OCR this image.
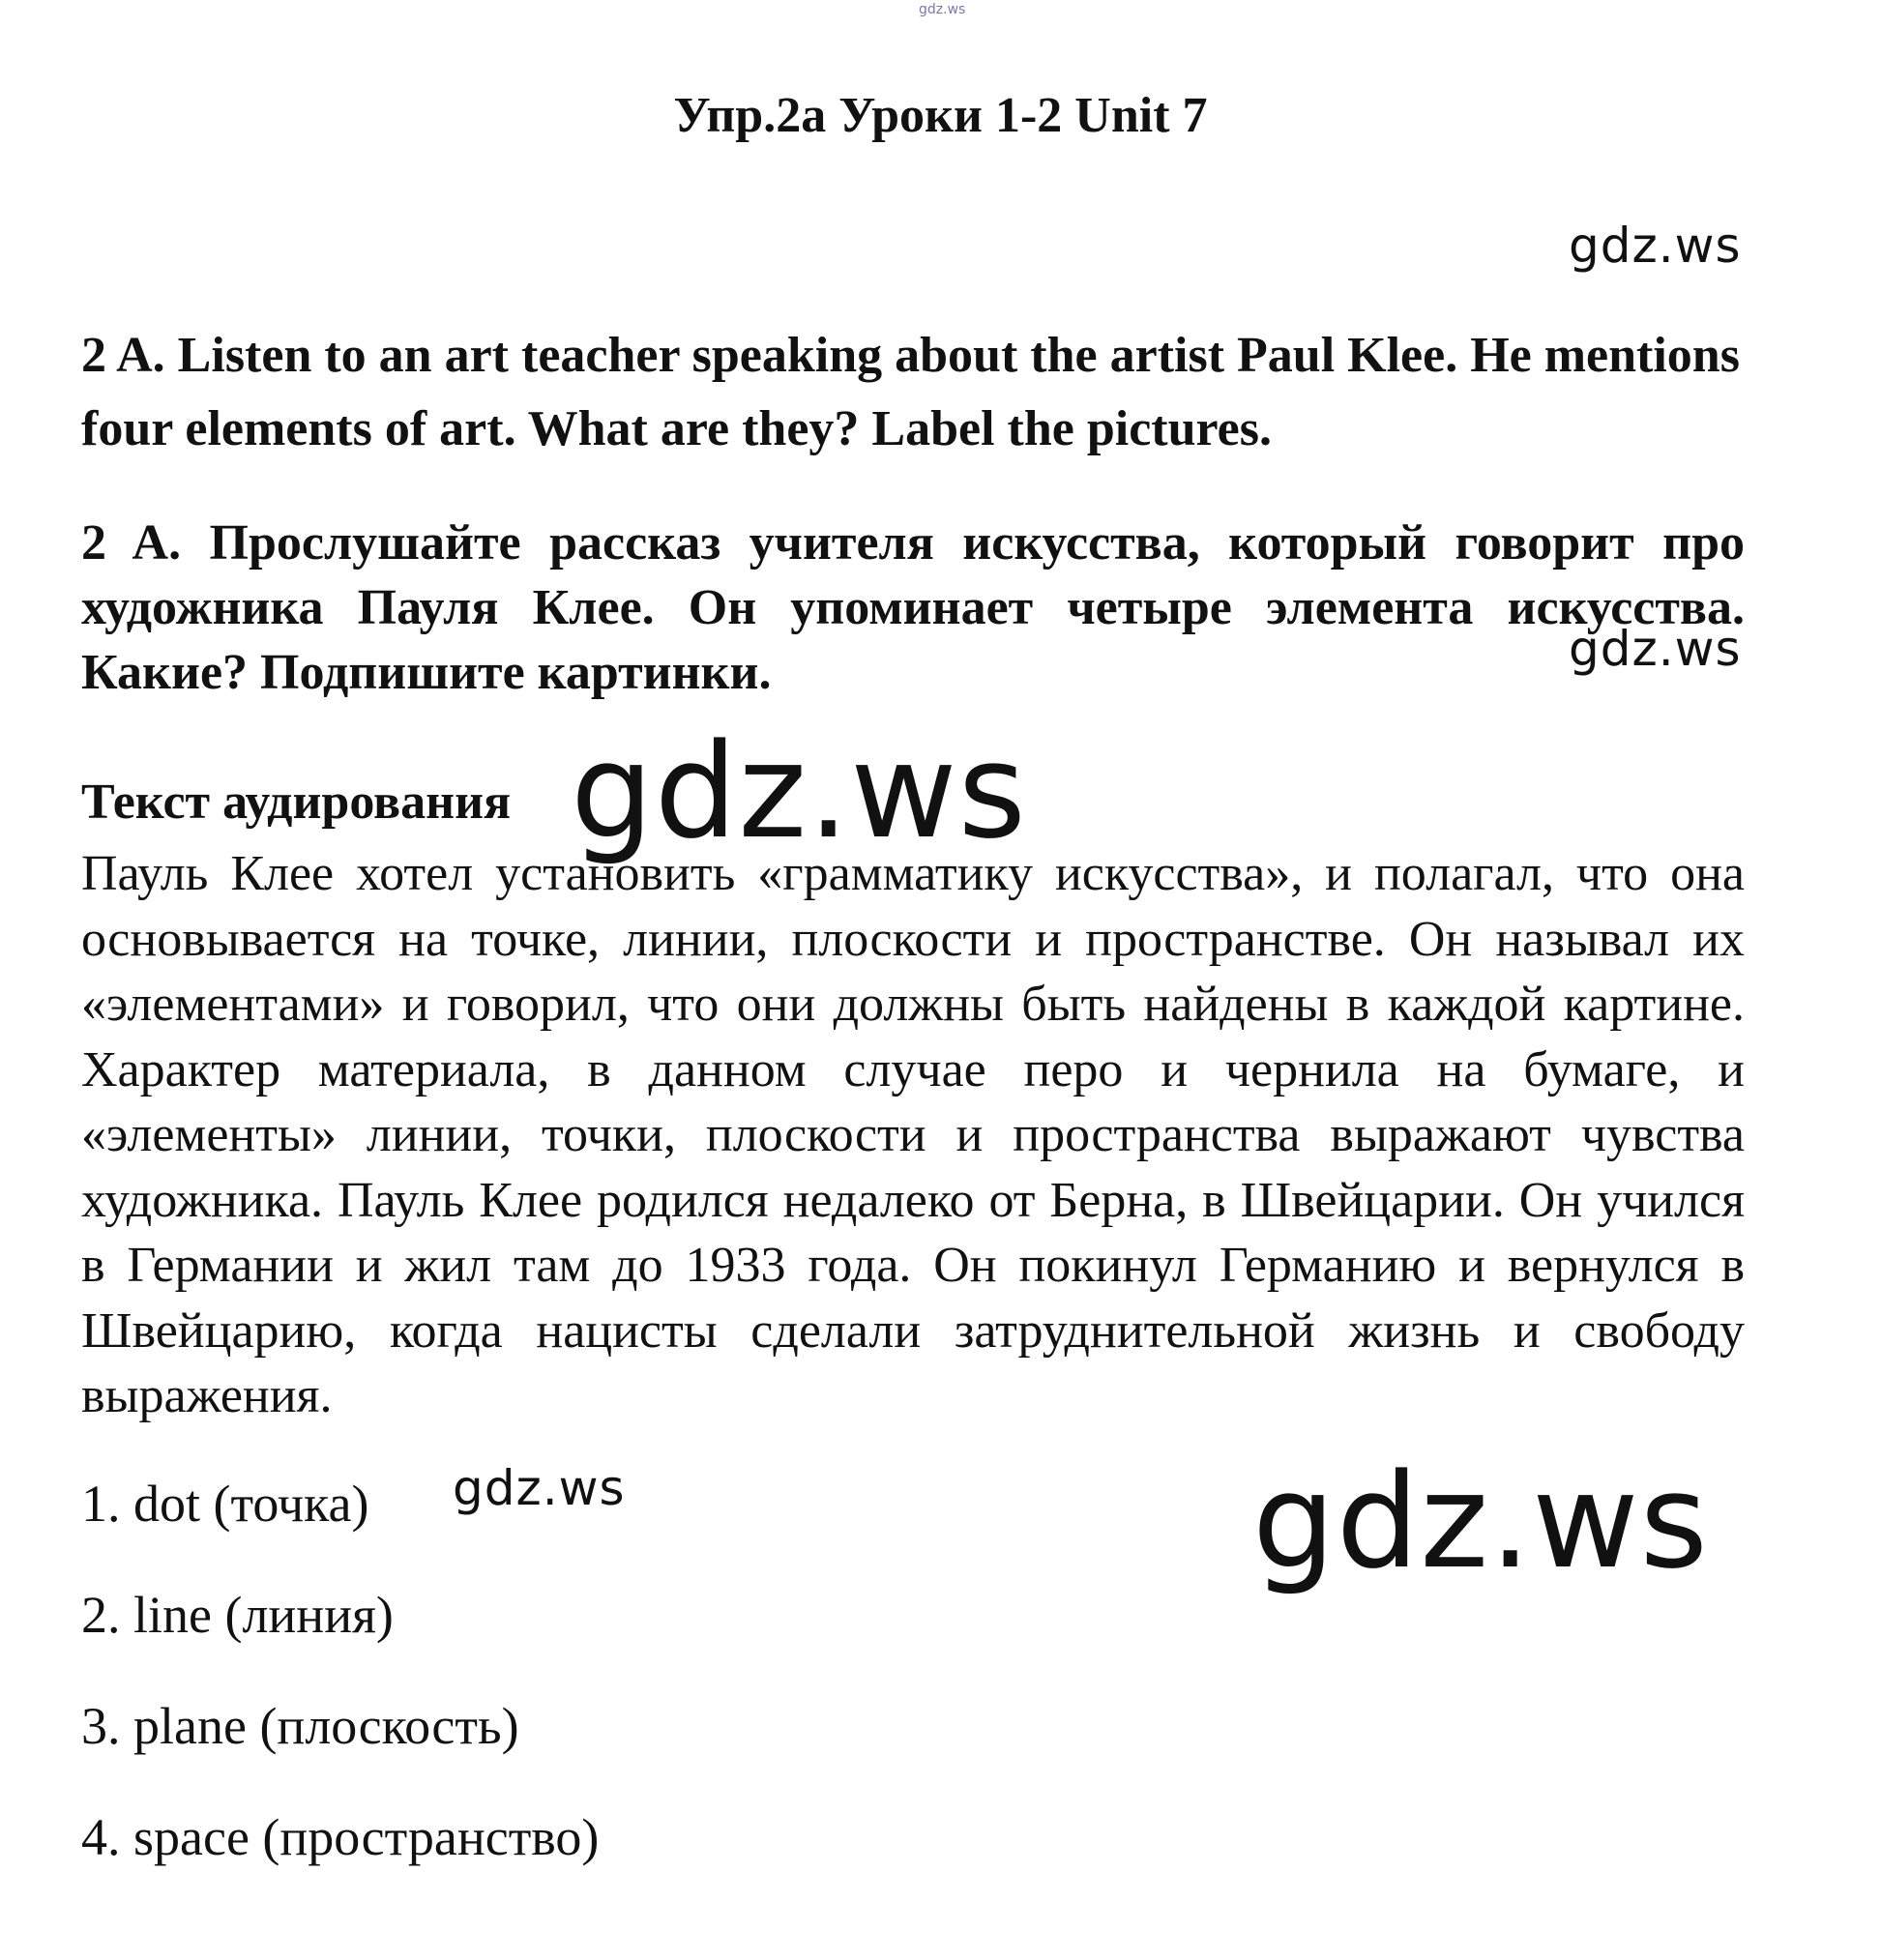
gdz.ws
Упр.2a Уроки 1-2 Unit 7
gdz.ws

2 A. Listen to an art teacher speaking about the artist Paul Klee. He mentions four elements of art. What are they? Label the pictures.

2 A. Прослушайте рассказ учителя искусства, который говорит про художника Пауля Клее. Он упоминает четыре элемента искусства. Какие? Подпишите картинки.	gdz.ws
Текст аудирования gdz.ws

Пауль Клее хотел установить «грамматику искусства», и полагал, что она основывается на точке, линии, плоскости и пространстве. Он называл их «элементами» и говорил, что они должны быть найдены в каждой картине. Характер материала, в данном случае перо и чернила на бумаге, и «элементы» линии, точки, плоскости и пространства выражают чувства художника. Пауль Клее родился недалеко от Берна, в Швейцарии. Он учился в Германии и жил там до 1933 года. Он покинул Германию и вернулся в Швейцарию, когда нацисты сделали затруднительной жизнь и свободу выражения.

1. dot (точка)
2. line (линия)
3. plane (плоскость)
4. space (пространство)
gdz.ws	gdz.ws
